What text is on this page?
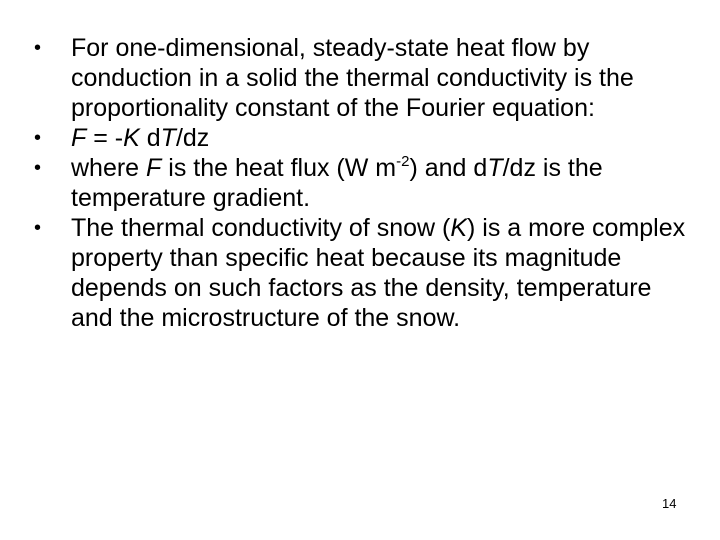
• For one-dimensional, steady-state heat flow by conduction in a solid the thermal conductivity is the proportionality constant of the Fourier equation:
• F = -K dT/dz
• where F is the heat flux (W $m^{-2}$) and dT/dz is the temperature gradient.
• The thermal conductivity of snow (K) is a more complex property than specific heat because its magnitude depends on such factors as the density, temperature and the microstructure of the snow.
14
